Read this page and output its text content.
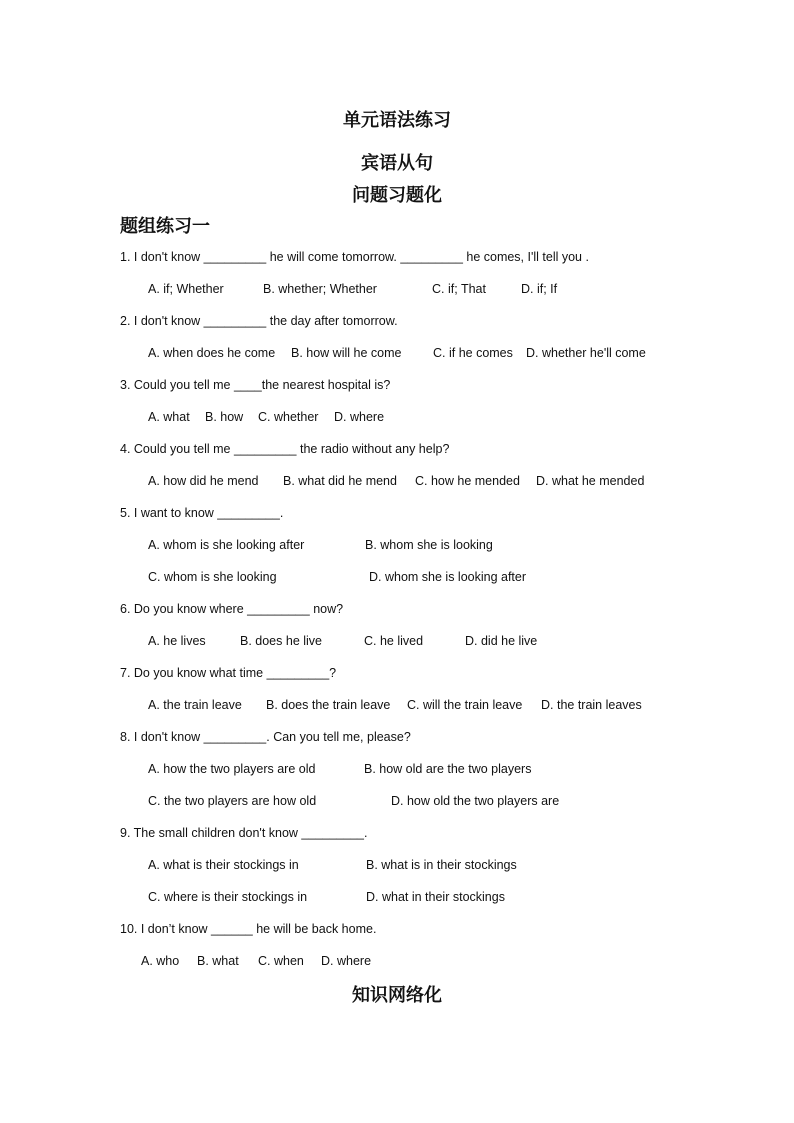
单元语法练习
宾语从句
问题习题化
题组练习一
1. I don't know _________ he will come tomorrow. _________ he comes, I'll tell you .
A. if; Whether	B. whether; Whether	C. if; That	D. if; If
2. I don't know _________ the day after tomorrow.
A. when does he come B. how will he come	C. if he comes D. whether he'll come
3. Could you tell me ____the nearest hospital is?
A. what B. how C. whether D. where
4. Could you tell me _________ the radio without any help?
A. how did he mend B. what did he mend C. how he mended D. what he mended
5. I want to know _________.
A. whom is she looking after	B. whom she is looking
C. whom is she looking	D. whom she is looking after
6. Do you know where _________ now?
A. he lives	B. does he live	C. he lived	D. did he live
7. Do you know what time _________?
A. the train leave B. does the train leave C. will the train leave D. the train leaves
8. I don't know _________. Can you tell me, please?
A. how the two players are old	B. how old are the two players
C. the two players are how old	D. how old the two players are
9. The small children don't know _________.
A. what is their stockings in	B. what is in their stockings
C. where is their stockings in	D. what in their stockings
10. I don’t know ______ he will be back home.
A. who B. what C. when D. where
知识网络化
